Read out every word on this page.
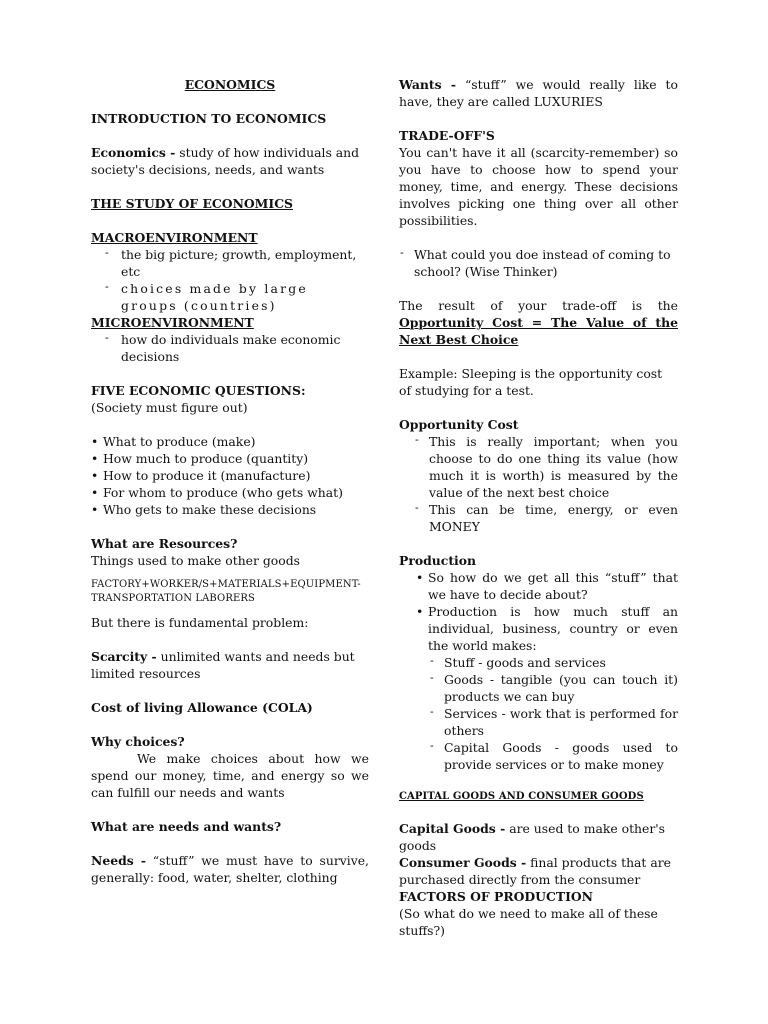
ECONOMICS
INTRODUCTION TO ECONOMICS
Economics - study of how individuals and society's decisions, needs, and wants
THE STUDY OF ECONOMICS
MACROENVIRONMENT
- the big picture; growth, employment, etc
- choices made by large groups (countries)
MICROENVIRONMENT
- how do individuals make economic decisions
FIVE ECONOMIC QUESTIONS:
(Society must figure out)
• What to produce (make)
• How much to produce (quantity)
• How to produce it (manufacture)
• For whom to produce (who gets what)
• Who gets to make these decisions
What are Resources?
Things used to make other goods
FACTORY+WORKER/S+MATERIALS+EQUIPMENT-TRANSPORTATION LABORERS
But there is fundamental problem:
Scarcity - unlimited wants and needs but limited resources
Cost of living Allowance (COLA)
Why choices?
We make choices about how we spend our money, time, and energy so we can fulfill our needs and wants
What are needs and wants?
Needs - “stuff” we must have to survive, generally: food, water, shelter, clothing
Wants - “stuff” we would really like to have, they are called LUXURIES
TRADE-OFF'S
You can't have it all (scarcity-remember) so you have to choose how to spend your money, time, and energy. These decisions involves picking one thing over all other possibilities.
- What could you doe instead of coming to school? (Wise Thinker)
The result of your trade-off is the Opportunity Cost = The Value of the Next Best Choice
Example: Sleeping is the opportunity cost of studying for a test.
Opportunity Cost
- This is really important; when you choose to do one thing its value (how much it is worth) is measured by the value of the next best choice
- This can be time, energy, or even MONEY
Production
• So how do we get all this “stuff” that we have to decide about?
• Production is how much stuff an individual, business, country or even the world makes:
- Stuff - goods and services
- Goods - tangible (you can touch it) products we can buy
- Services - work that is performed for others
- Capital Goods - goods used to provide services or to make money
CAPITAL GOODS AND CONSUMER GOODS
Capital Goods - are used to make other's goods
Consumer Goods - final products that are purchased directly from the consumer
FACTORS OF PRODUCTION
(So what do we need to make all of these stuffs?)
